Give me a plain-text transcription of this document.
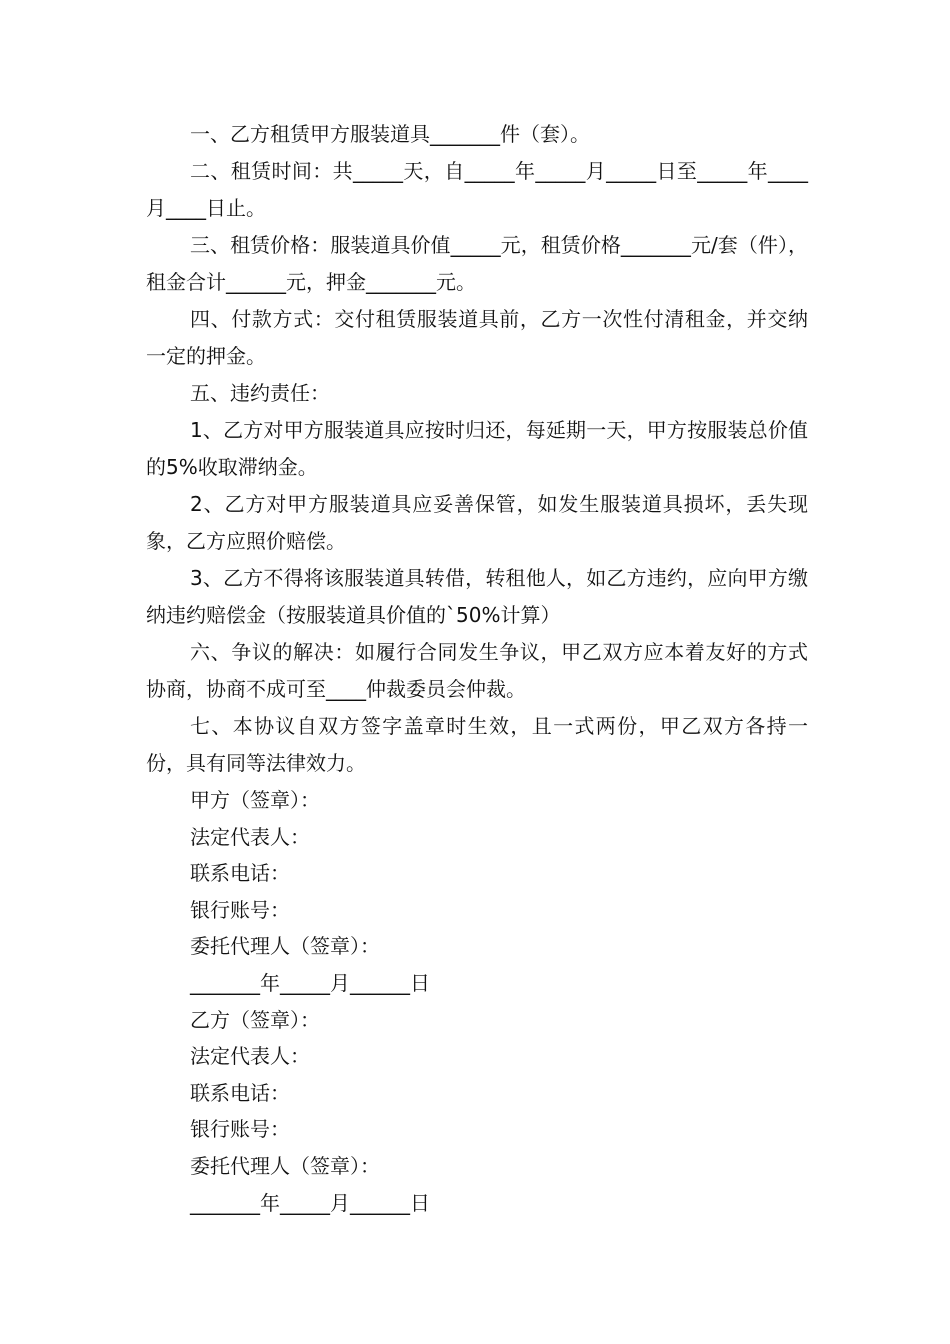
一、乙方租赁甲方服装道具_______件（套）。

二、租赁时间：共_____天，自_____年_____月_____日至_____年____月____日止。

三、租赁价格：服装道具价值_____元，租赁价格_______元/套（件），租金合计______元，押金_______元。

四、付款方式：交付租赁服装道具前，乙方一次性付清租金，并交纳一定的押金。

五、违约责任：

1、乙方对甲方服装道具应按时归还，每延期一天，甲方按服装总价值的5%收取滞纳金。

2、乙方对甲方服装道具应妥善保管，如发生服装道具损坏，丢失现象，乙方应照价赔偿。

3、乙方不得将该服装道具转借，转租他人，如乙方违约，应向甲方缴纳违约赔偿金（按服装道具价值的`50%计算）

六、争议的解决：如履行合同发生争议，甲乙双方应本着友好的方式协商，协商不成可至____仲裁委员会仲裁。

七、本协议自双方签字盖章时生效，且一式两份，甲乙双方各持一份，具有同等法律效力。

甲方（签章）：

法定代表人：

联系电话：

银行账号：

委托代理人（签章）：

_______年_____月______日

乙方（签章）：

法定代表人：

联系电话：

银行账号：

委托代理人（签章）：

_______年_____月______日
